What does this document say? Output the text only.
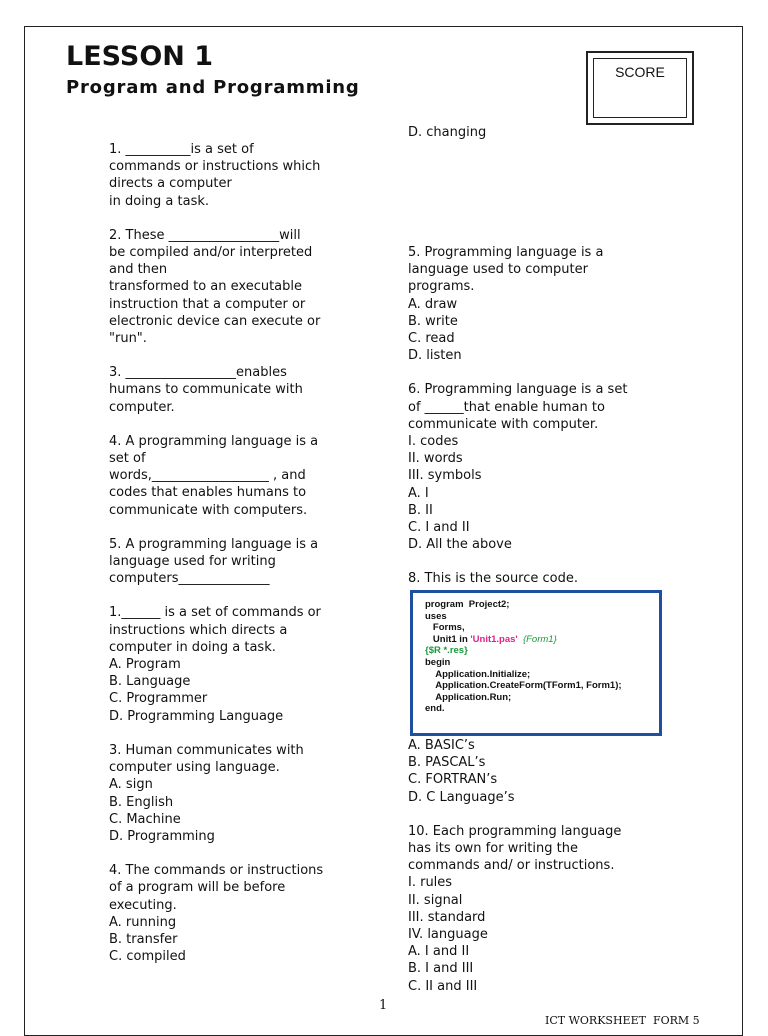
LESSON 1
Program and Programming
SCORE
1. __________is a set of
commands or instructions which
directs a computer
in doing a task.
2. These _________________will
be compiled and/or interpreted
and then
transformed to an executable
instruction that a computer or
electronic device can execute or
"run".
3. _________________enables
humans to communicate with
computer.
4. A programming language is a
set of
words,__________________ , and
codes that enables humans to
communicate with computers.
5. A programming language is a
language used for writing
computers______________
1.______ is a set of commands or
instructions which directs a
computer in doing a task.
A. Program
B. Language
C. Programmer
D. Programming Language
3. Human communicates with
computer using language.
A. sign
B. English
C. Machine
D. Programming
4. The commands or instructions
of a program will be before
executing.
A. running
B. transfer
C. compiled
D. changing
5. Programming language is a
language used to computer
programs.
A. draw
B. write
C. read
D. listen
6. Programming language is a set
of ______that enable human to
communicate with computer.
I. codes
II. words
III. symbols
A. I
B. II
C. I and II
D. All the above
8. This is the source code.
program  Project2;
uses
Forms,
Unit1 in 'Unit1.pas'  {Form1}
{$R *.res}
begin
Application.Initialize;
Application.CreateForm(TForm1, Form1);
Application.Run;
end.
A. BASIC’s
B. PASCAL’s
C. FORTRAN’s
D. C Language’s
10. Each programming language
has its own for writing the
commands and/ or instructions.
I. rules
II. signal
III. standard
IV. language
A. I and II
B. I and III
C. II and III
1
ICT WORKSHEET  FORM 5
